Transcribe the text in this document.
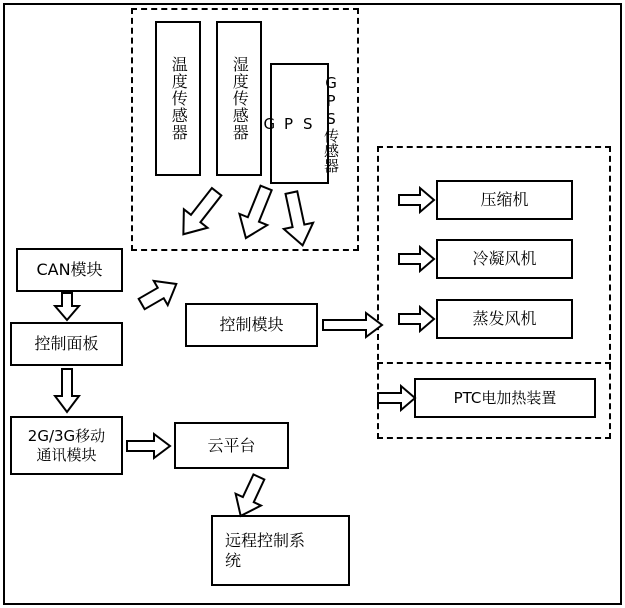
温度传感器	湿度传感器 G P S GPS传感器
CAN模块
控制面板
2G/3G移动
通讯模块
控制模块
云平台
远程控制系
统
压缩机
冷凝风机
蒸发风机
PTC电加热装置
